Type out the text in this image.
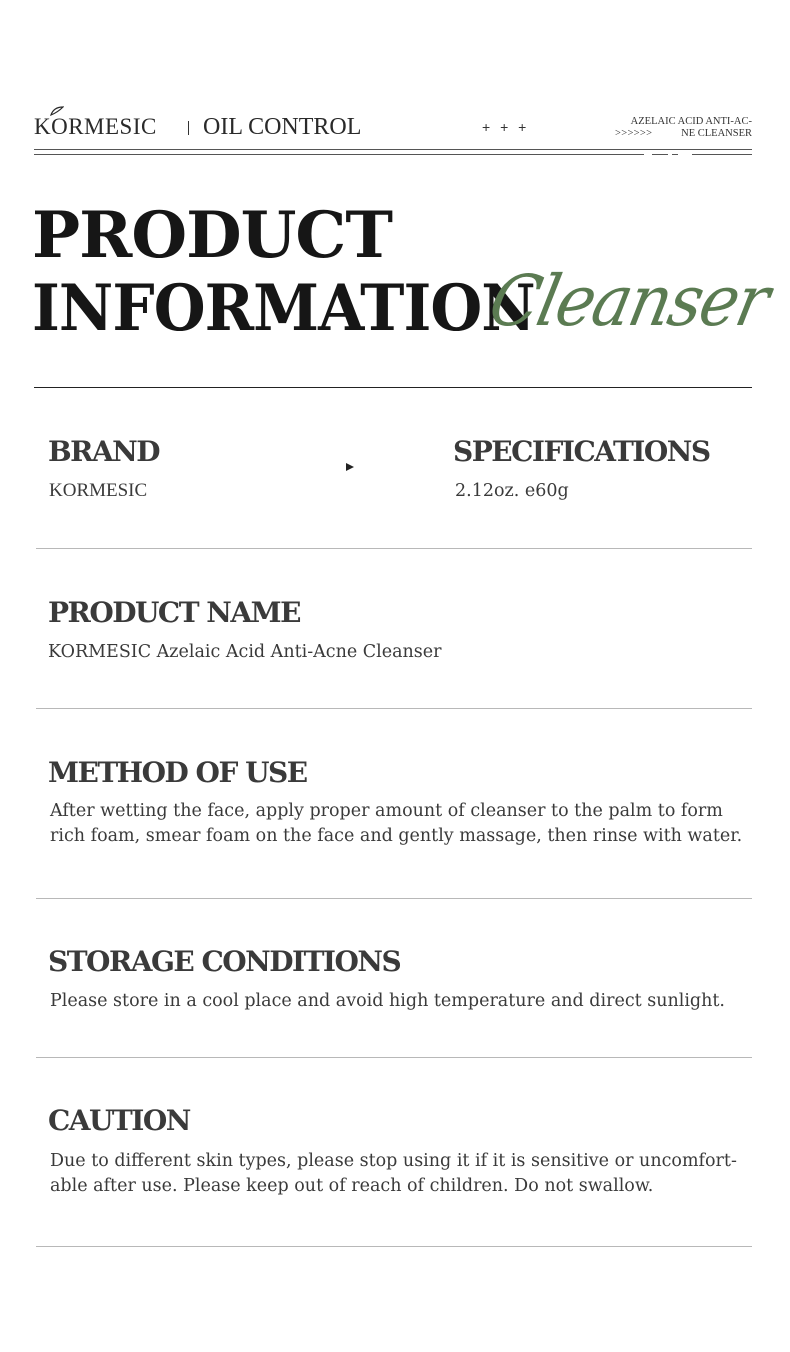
KORMESIC OIL CONTROL	+ + +	AZELAIC ACID ANTI-AC-
>>>>>>	NE CLEANSER
PRODUCT
INFORMATION
Cleanser
BRAND
KORMESIC
SPECIFICATIONS
2.12oz. e60g
PRODUCT NAME
KORMESIC Azelaic Acid Anti-Acne Cleanser
METHOD OF USE
After wetting the face, apply proper amount of cleanser to the palm to form
rich foam, smear foam on the face and gently massage, then rinse with water.
STORAGE CONDITIONS
Please store in a cool place and avoid high temperature and direct sunlight.
CAUTION
Due to different skin types, please stop using it if it is sensitive or uncomfort-
able after use. Please keep out of reach of children. Do not swallow.
